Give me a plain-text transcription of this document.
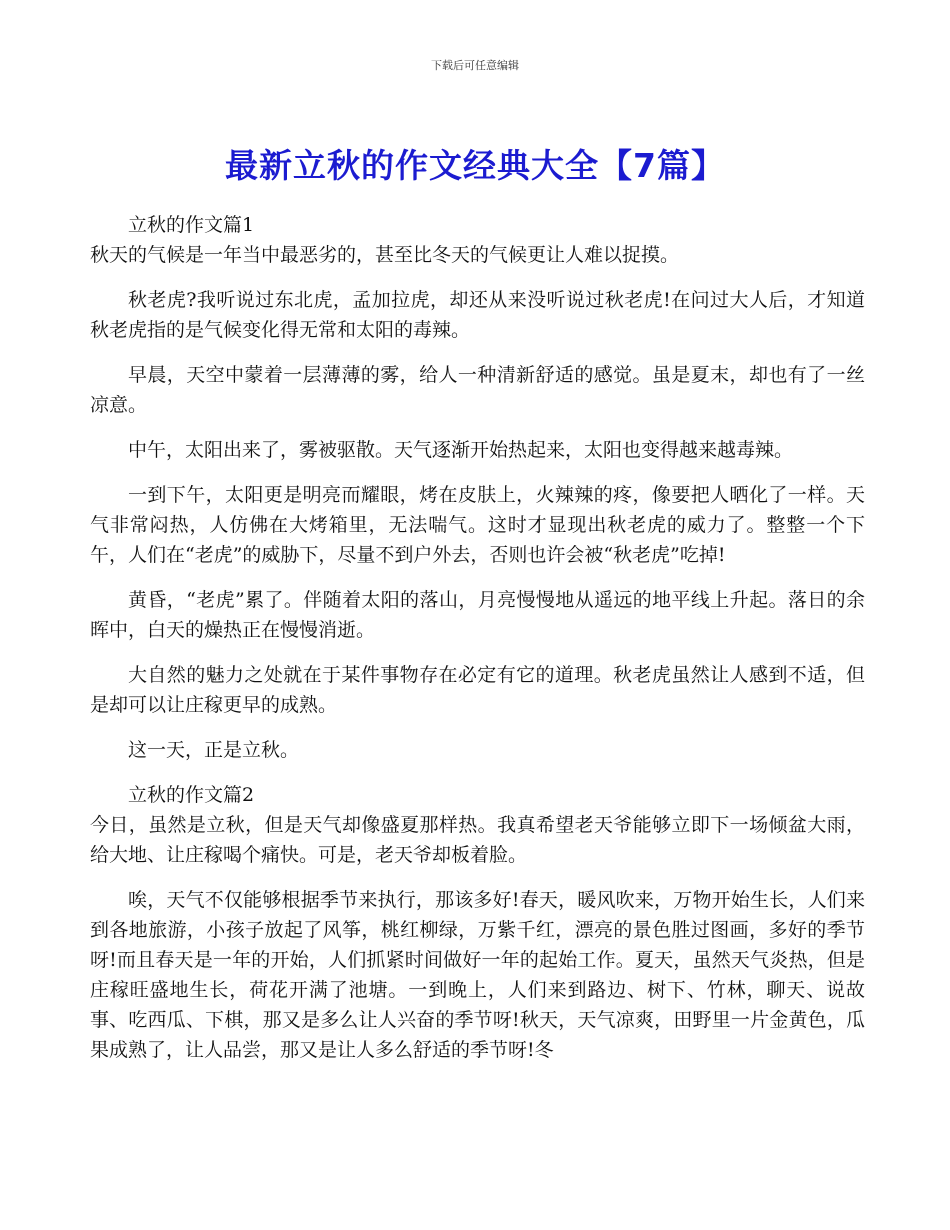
下载后可任意编辑
最新立秋的作文经典大全【7篇】

立秋的作文篇1

秋天的气候是一年当中最恶劣的，甚至比冬天的气候更让人难以捉摸。

秋老虎?我听说过东北虎，孟加拉虎，却还从来没听说过秋老虎!在问过大人后，才知道秋老虎指的是气候变化得无常和太阳的毒辣。

早晨，天空中蒙着一层薄薄的雾，给人一种清新舒适的感觉。虽是夏末，却也有了一丝凉意。

中午，太阳出来了，雾被驱散。天气逐渐开始热起来，太阳也变得越来越毒辣。

一到下午，太阳更是明亮而耀眼，烤在皮肤上，火辣辣的疼，像要把人晒化了一样。天气非常闷热，人仿佛在大烤箱里，无法喘气。这时才显现出秋老虎的威力了。整整一个下午，人们在“老虎”的威胁下，尽量不到户外去，否则也许会被“秋老虎”吃掉!

黄昏，“老虎”累了。伴随着太阳的落山，月亮慢慢地从遥远的地平线上升起。落日的余晖中，白天的燥热正在慢慢消逝。

大自然的魅力之处就在于某件事物存在必定有它的道理。秋老虎虽然让人感到不适，但是却可以让庄稼更早的成熟。

这一天，正是立秋。

立秋的作文篇2

今日，虽然是立秋，但是天气却像盛夏那样热。我真希望老天爷能够立即下一场倾盆大雨，给大地、让庄稼喝个痛快。可是，老天爷却板着脸。

唉，天气不仅能够根据季节来执行，那该多好!春天，暖风吹来，万物开始生长，人们来到各地旅游，小孩子放起了风筝，桃红柳绿，万紫千红，漂亮的景色胜过图画，多好的季节呀!而且春天是一年的开始，人们抓紧时间做好一年的起始工作。夏天，虽然天气炎热，但是庄稼旺盛地生长，荷花开满了池塘。一到晚上，人们来到路边、树下、竹林，聊天、说故事、吃西瓜、下棋，那又是多么让人兴奋的季节呀!秋天，天气凉爽，田野里一片金黄色，瓜果成熟了，让人品尝，那又是让人多么舒适的季节呀!冬
